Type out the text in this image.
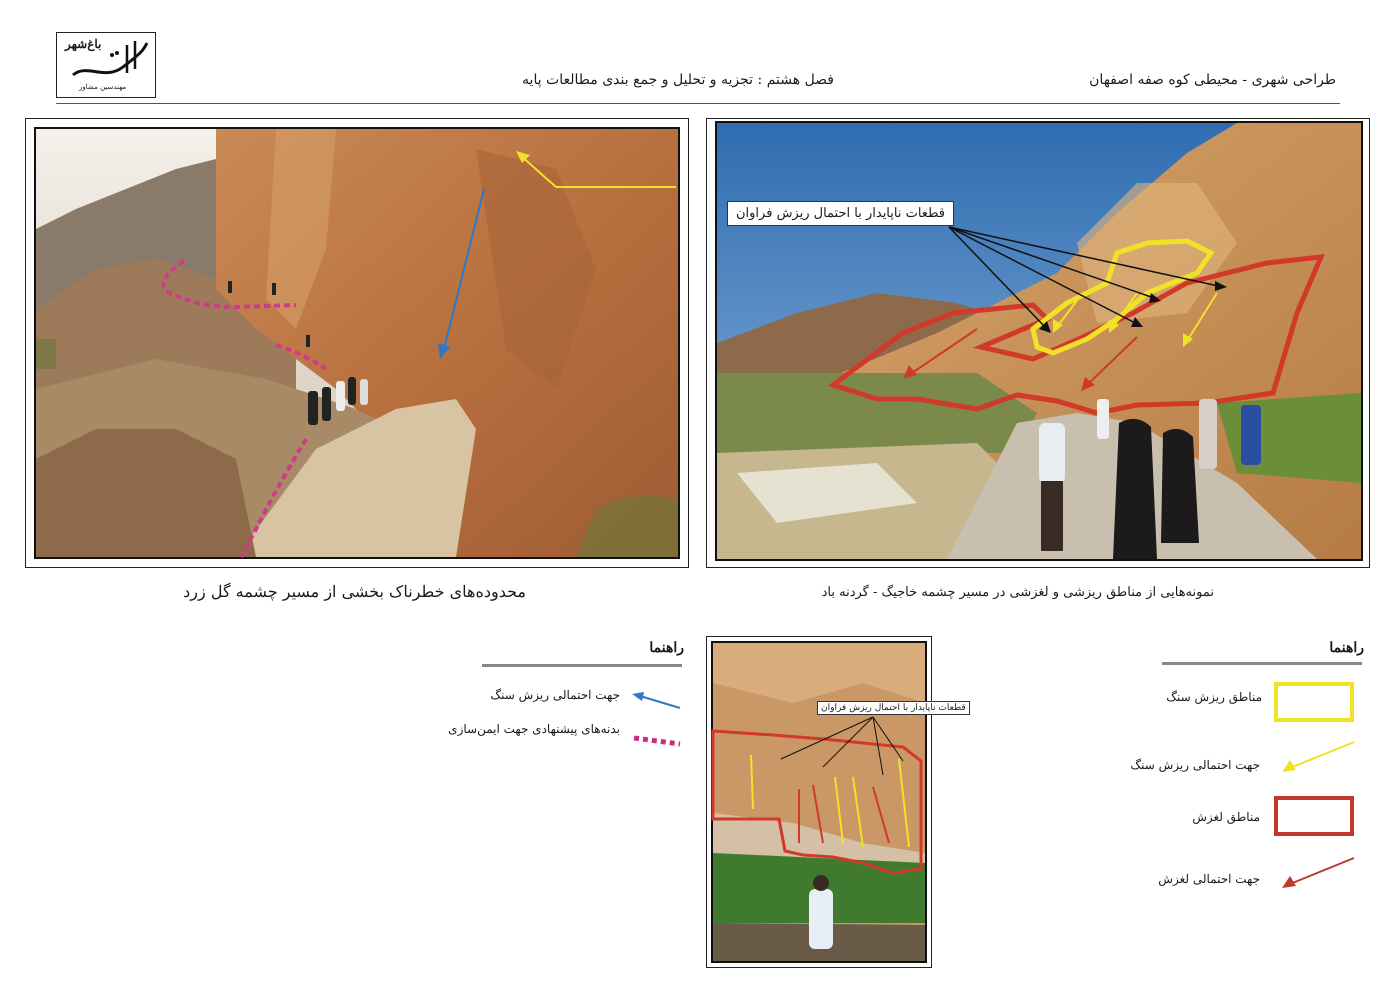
باغ‌شهر
مهندسین مشاور	فصل هشتم : تجزیه و تحلیل و جمع بندی مطالعات پایه	طراحی شهری - محیطی کوه صفه اصفهان
قطعات ناپایدار با احتمال ریزش فراوان
محدوده‌های خطرناک بخشی از مسیر چشمه گل زرد	نمونه‌هایی از مناطق ریزشی و لغزشی در مسیر چشمه خاجیگ - گردنه باد
راهنما
جهت احتمالی ریزش سنگ
بدنه‌های پیشنهادی جهت ایمن‌سازی
قطعات ناپایدار با احتمال ریزش فراوان
راهنما
مناطق ریزش سنگ
جهت احتمالی ریزش سنگ
مناطق لغزش
جهت احتمالی لغزش
